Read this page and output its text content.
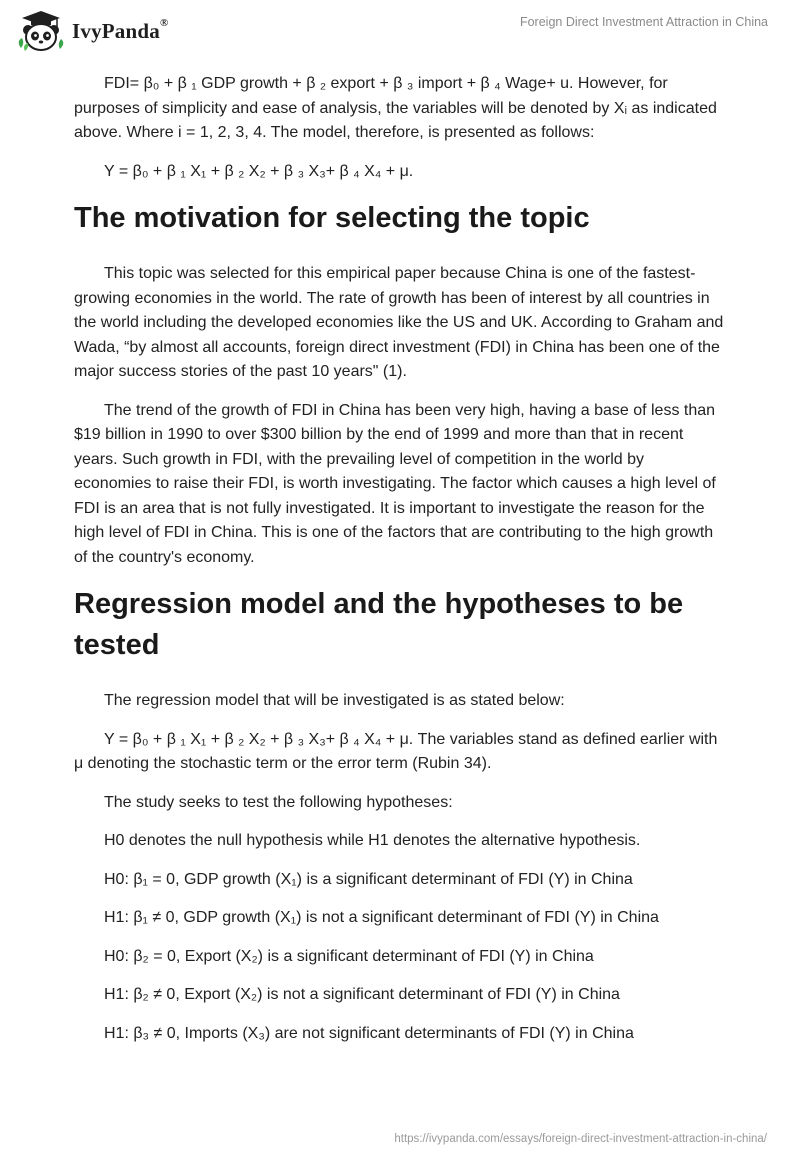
IvyPanda®	Foreign Direct Investment Attraction in China

FDI= β₀ + β ₁ GDP growth + β ₂ export + β ₃ import + β ₄ Wage+ u. However, for purposes of simplicity and ease of analysis, the variables will be denoted by Xᵢ as indicated above. Where i = 1, 2, 3, 4. The model, therefore, is presented as follows:

Y = β₀ + β ₁ X₁ + β ₂ X₂ + β ₃ X₃+ β ₄ X₄ + μ.

The motivation for selecting the topic

This topic was selected for this empirical paper because China is one of the fastest-growing economies in the world. The rate of growth has been of interest by all countries in the world including the developed economies like the US and UK. According to Graham and Wada, “by almost all accounts, foreign direct investment (FDI) in China has been one of the major success stories of the past 10 years" (1).

The trend of the growth of FDI in China has been very high, having a base of less than $19 billion in 1990 to over $300 billion by the end of 1999 and more than that in recent years. Such growth in FDI, with the prevailing level of competition in the world by economies to raise their FDI, is worth investigating. The factor which causes a high level of FDI is an area that is not fully investigated. It is important to investigate the reason for the high level of FDI in China. This is one of the factors that are contributing to the high growth of the country's economy.

Regression model and the hypotheses to be tested

The regression model that will be investigated is as stated below:

Y = β₀ + β ₁ X₁ + β ₂ X₂ + β ₃ X₃+ β ₄ X₄ + μ. The variables stand as defined earlier with μ denoting the stochastic term or the error term (Rubin 34).

The study seeks to test the following hypotheses:

H0 denotes the null hypothesis while H1 denotes the alternative hypothesis.

H0: β₁ = 0, GDP growth (X₁) is a significant determinant of FDI (Y) in China

H1: β₁ ≠ 0, GDP growth (X₁) is not a significant determinant of FDI (Y) in China

H0: β₂ = 0, Export (X₂) is a significant determinant of FDI (Y) in China

H1: β₂ ≠ 0, Export (X₂) is not a significant determinant of FDI (Y) in China

H1: β₃ ≠ 0, Imports (X₃) are not significant determinants of FDI (Y) in China

https://ivypanda.com/essays/foreign-direct-investment-attraction-in-china/
